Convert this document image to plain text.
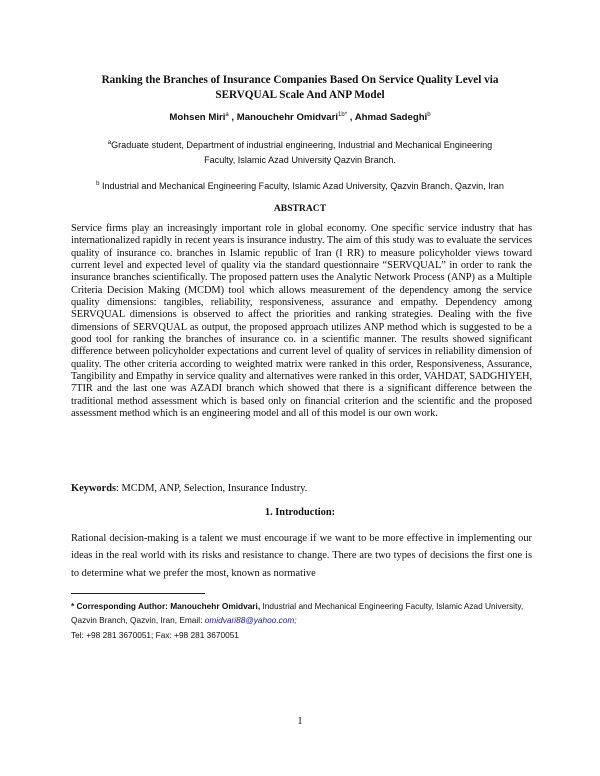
Ranking the Branches of Insurance Companies Based On Service Quality Level via
SERVQUAL Scale And ANP Model
Mohsen Miri$^a$ , Manouchehr Omidvari$^{1b*}$ , Ahmad Sadeghi$^b$
$^a$Graduate student, Department of industrial engineering, Industrial and Mechanical Engineering
Faculty, Islamic Azad University Qazvin Branch.
$^b$ Industrial and Mechanical Engineering Faculty, Islamic Azad University, Qazvin Branch, Qazvin, Iran
ABSTRACT
Service firms play an increasingly important role in global economy. One specific service industry that has internationalized rapidly in recent years is insurance industry. The aim of this study was to evaluate the services quality of insurance co. branches in Islamic republic of Iran (I RR) to measure policyholder views toward current level and expected level of quality via the standard questionnaire “SERVQUAL” in order to rank the insurance branches scientifically. The proposed pattern uses the Analytic Network Process (ANP) as a Multiple Criteria Decision Making (MCDM) tool which allows measurement of the dependency among the service quality dimensions: tangibles, reliability, responsiveness, assurance and empathy. Dependency among SERVQUAL dimensions is observed to affect the priorities and ranking strategies. Dealing with the five dimensions of SERVQUAL as output, the proposed approach utilizes ANP method which is suggested to be a good tool for ranking the branches of insurance co. in a scientific manner. The results showed significant difference between policyholder expectations and current level of quality of services in reliability dimension of quality. The other criteria according to weighted matrix were ranked in this order, Responsiveness, Assurance, Tangibility and Empathy in service quality and alternatives were ranked in this order, VAHDAT, SADGHIYEH, 7TIR and the last one was AZADI branch which showed that there is a significant difference between the traditional method assessment which is based only on financial criterion and the scientific and the proposed assessment method which is an engineering model and all of this model is our own work.
Keywords: MCDM, ANP, Selection, Insurance Industry.
1. Introduction:
Rational decision-making is a talent we must encourage if we want to be more effective in implementing our ideas in the real world with its risks and resistance to change. There are two types of decisions the first one is to determine what we prefer the most, known as normative
* Corresponding Author: Manouchehr Omidvari, Industrial and Mechanical Engineering Faculty, Islamic Azad University, Qazvin Branch, Qazvin, Iran, Email: omidvari88@yahoo.com;
Tel: +98 281 3670051; Fax: +98 281 3670051
1
